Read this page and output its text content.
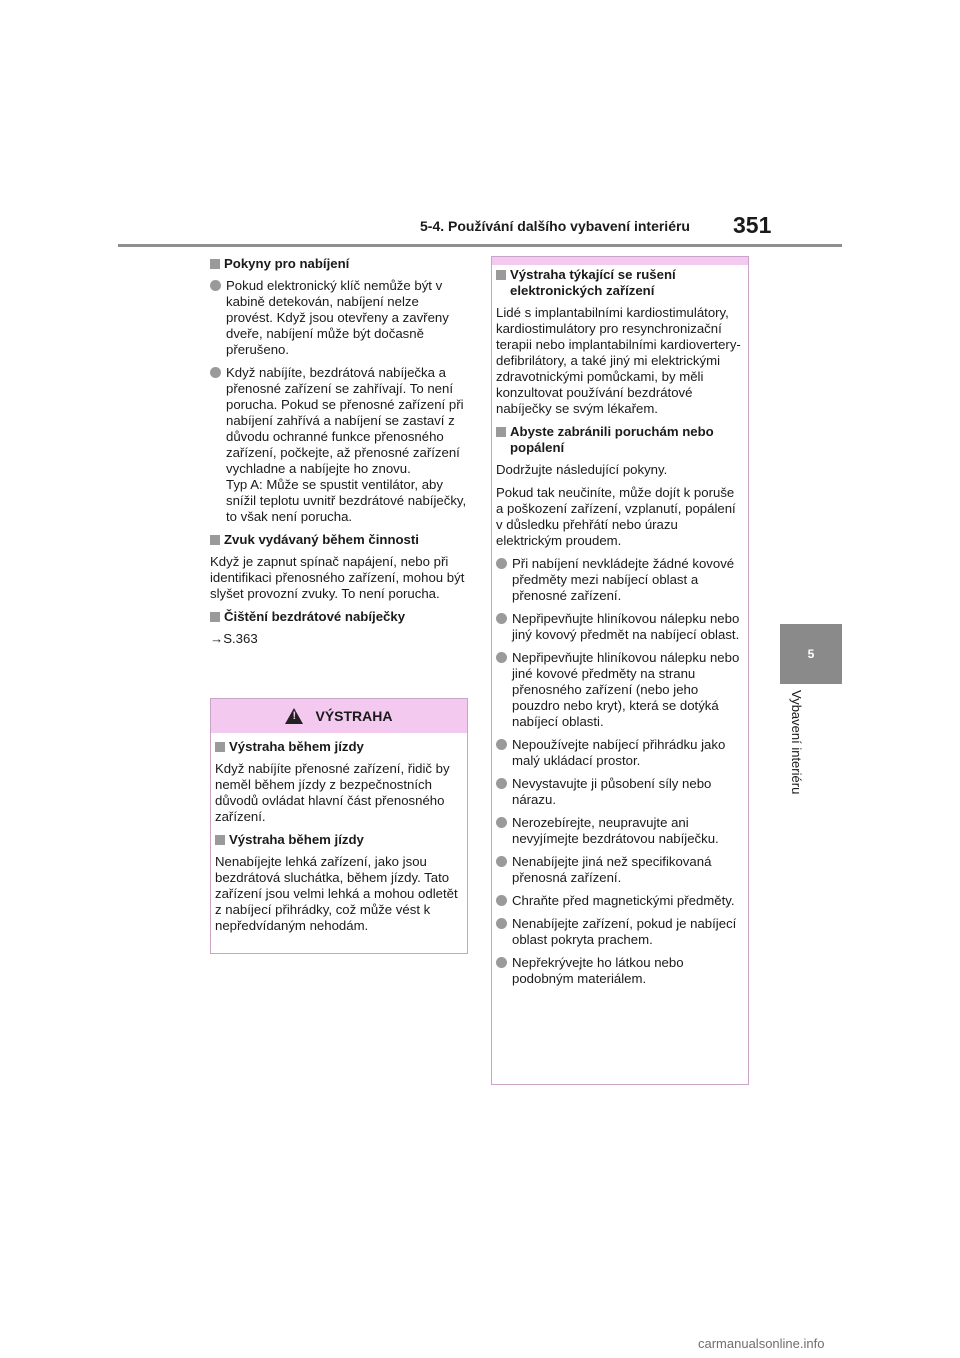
5-4. Používání dalšího vybavení interiéru 351
5
Vybavení interiéru
Pokyny pro nabíjení
Pokud elektronický klíč nemůže být v kabině detekován, nabíjení nelze provést. Když jsou otevřeny a zavřeny dveře, nabíjení může být dočasně přerušeno.
Když nabíjíte, bezdrátová nabíječka a přenosné zařízení se zahřívají. To není porucha. Pokud se přenosné zařízení při nabíjení zahřívá a nabíjení se zastaví z důvodu ochranné funkce přenosného zařízení, počkejte, až přenosné zařízení vychladne a nabíjejte ho znovu.
Typ A: Může se spustit ventilátor, aby snížil teplotu uvnitř bezdrátové nabíječky, to však není porucha.
Zvuk vydávaný během činnosti
Když je zapnut spínač napájení, nebo při identifikaci přenosného zařízení, mohou být slyšet provozní zvuky. To není porucha.
Čištění bezdrátové nabíječky
→S.363
!
VÝSTRAHA
Výstraha během jízdy
Když nabíjíte přenosné zařízení, řidič by neměl během jízdy z bezpečnostních důvodů ovládat hlavní část přenosného zařízení.
Výstraha během jízdy
Nenabíjejte lehká zařízení, jako jsou bezdrátová sluchátka, během jízdy. Tato zařízení jsou velmi lehká a mohou odletět z nabíjecí přihrádky, což může vést k nepředvídaným nehodám.
Výstraha týkající se rušení elektronických zařízení
Lidé s implantabilními kardiostimulátory, kardiostimulátory pro resynchronizační terapii nebo implantabilními kardiovertery-defibrilátory, a také jiný mi elektrickými zdravotnickými pomůckami, by měli konzultovat používání bezdrátové nabíječky se svým lékařem.
Abyste zabránili poruchám nebo popálení
Dodržujte následující pokyny.
Pokud tak neučiníte, může dojít k poruše a poškození zařízení, vzplanutí, popálení v důsledku přehřátí nebo úrazu elektrickým proudem.
Při nabíjení nevkládejte žádné kovové předměty mezi nabíjecí oblast a přenosné zařízení.
Nepřipevňujte hliníkovou nálepku nebo jiný kovový předmět na nabíjecí oblast.
Nepřipevňujte hliníkovou nálepku nebo jiné kovové předměty na stranu přenosného zařízení (nebo jeho pouzdro nebo kryt), která se dotýká nabíjecí oblasti.
Nepoužívejte nabíjecí přihrádku jako malý ukládací prostor.
Nevystavujte ji působení síly nebo nárazu.
Nerozebírejte, neupravujte ani nevyjímejte bezdrátovou nabíječku.
Nenabíjejte jiná než specifikovaná přenosná zařízení.
Chraňte před magnetickými předměty.
Nenabíjejte zařízení, pokud je nabíjecí oblast pokryta prachem.
Nepřekrývejte ho látkou nebo podobným materiálem.
carmanualsonline.info
